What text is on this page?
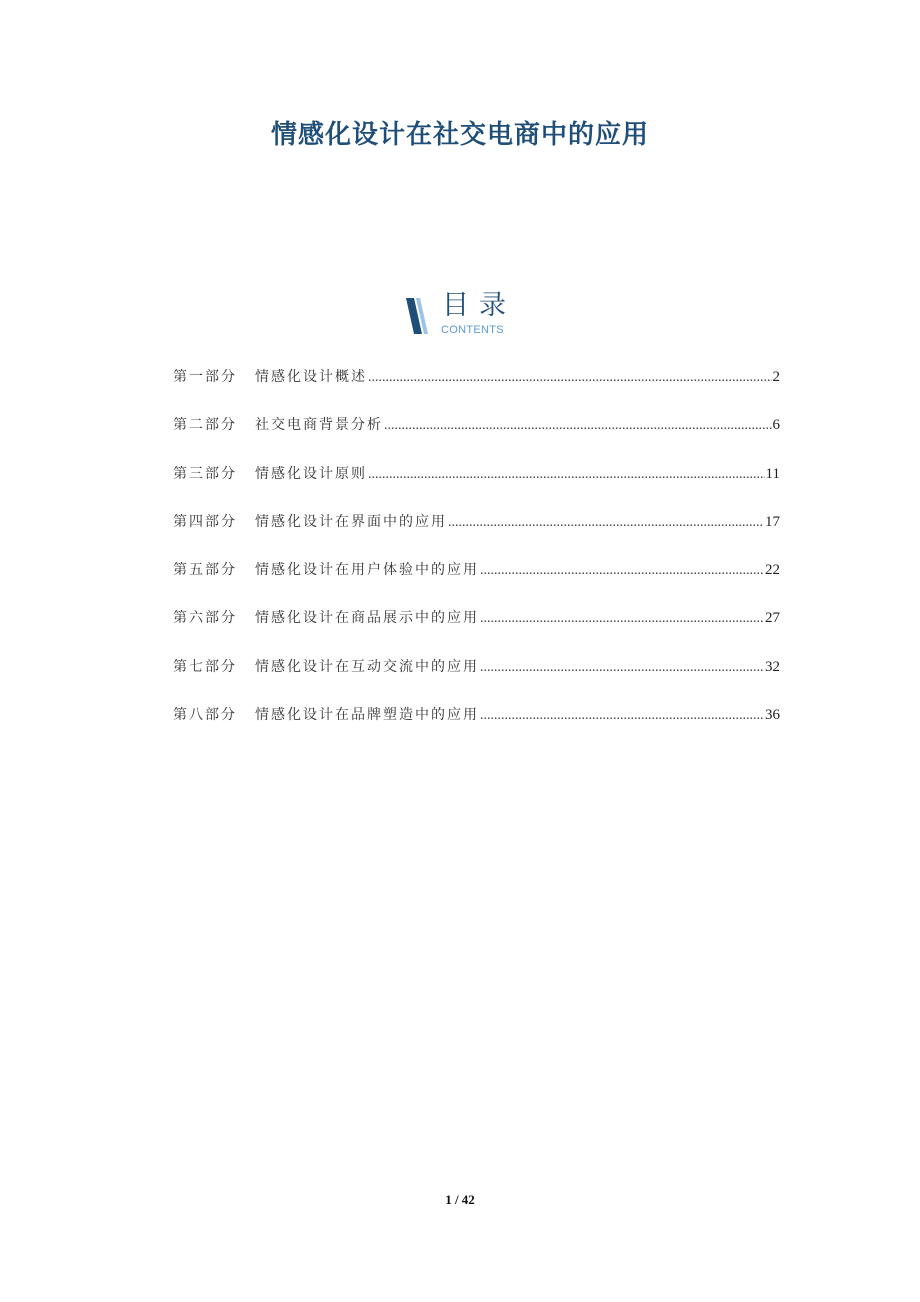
情感化设计在社交电商中的应用
目录
CONTENTS
第一部分	情感化设计概述 .....	2
第二部分	社交电商背景分析 .....	6
第三部分	情感化设计原则 .....	11
第四部分	情感化设计在界面中的应用 .....	17
第五部分	情感化设计在用户体验中的应用 .....	22
第六部分	情感化设计在商品展示中的应用 .....	27
第七部分	情感化设计在互动交流中的应用 .....	32
第八部分	情感化设计在品牌塑造中的应用 .....	36
1 / 42
